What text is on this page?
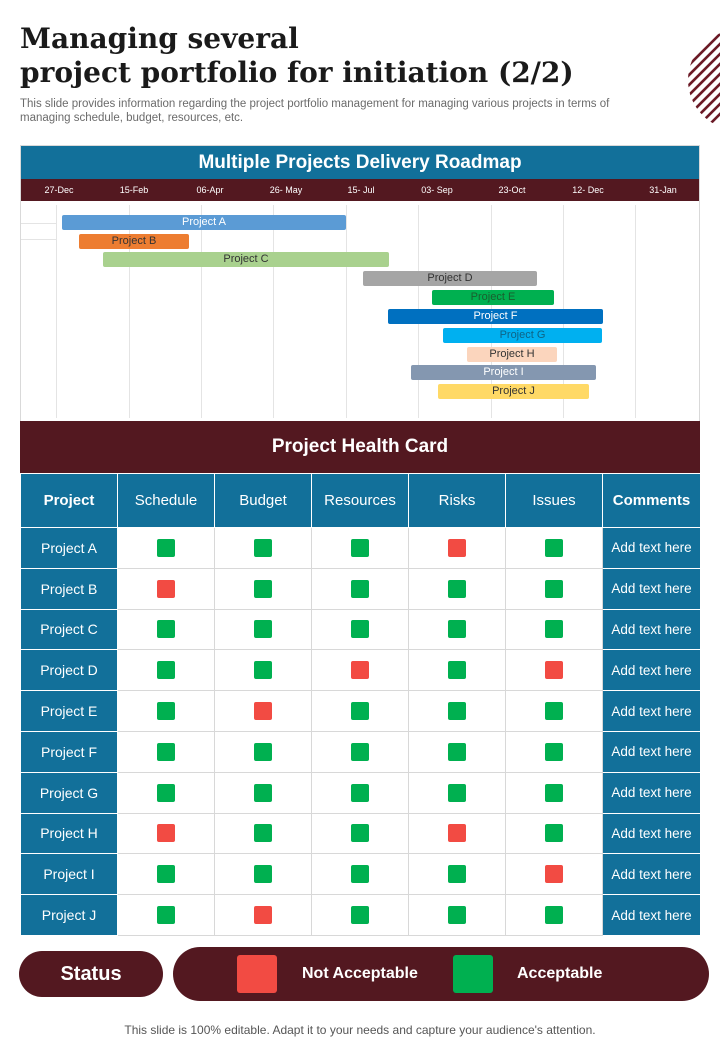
Managing several
project portfolio for initiation (2/2)
This slide provides information regarding the project portfolio management for managing various projects in terms of managing schedule, budget, resources, etc.
Multiple Projects Delivery Roadmap
27-Dec	15-Feb	06-Apr	26- May	15- Jul	03- Sep	23-Oct	12- Dec	31-Jan
Project A
Project B
Project C
Project D
Project E
Project F
Project G
Project H
Project I
Project J
Project Health Card
Project	Schedule	Budget	Resources	Risks	Issues	Comments
Project A						Add text here
Project B						Add text here
Project C						Add text here
Project D						Add text here
Project E						Add text here
Project F						Add text here
Project G						Add text here
Project H						Add text here
Project I						Add text here
Project J						Add text here
Status	Not Acceptable	Acceptable
This slide is 100% editable. Adapt it to your needs and capture your audience's attention.
